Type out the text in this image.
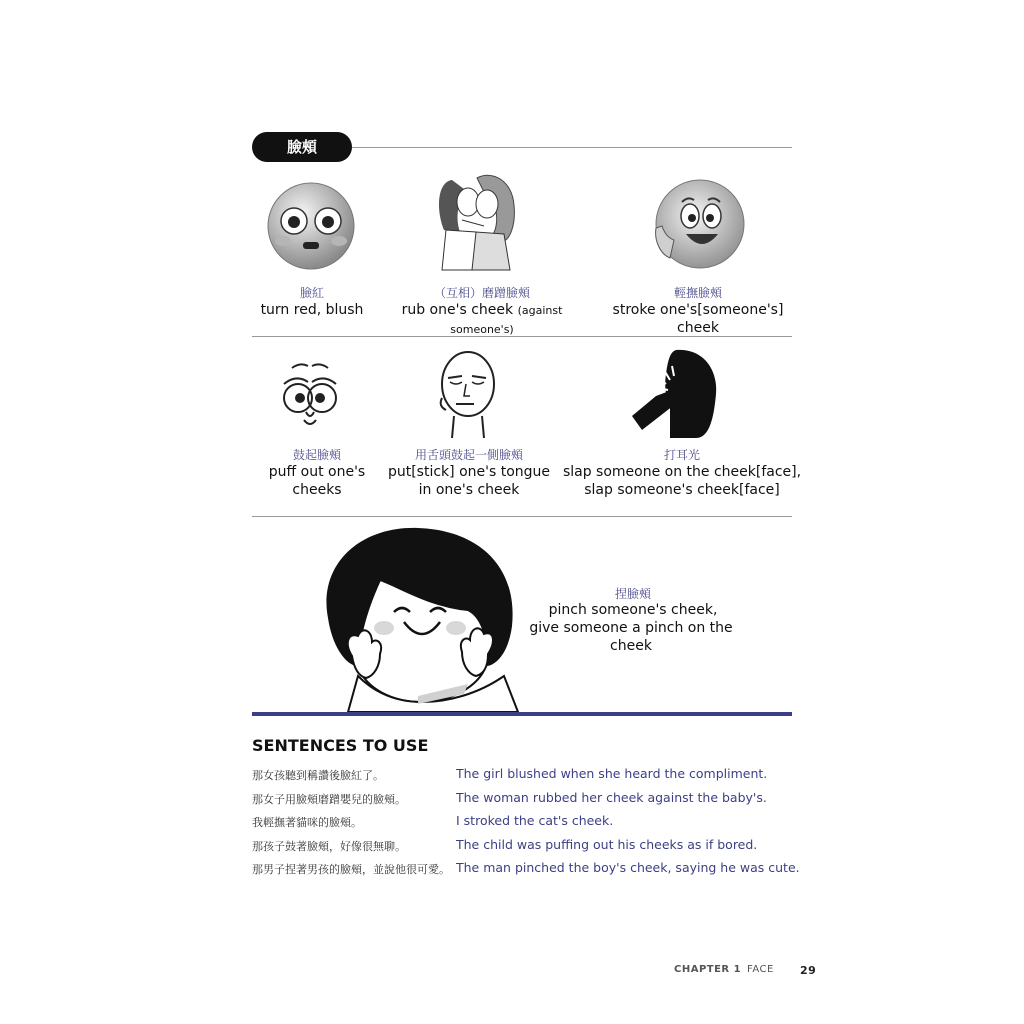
臉頰
臉紅
turn red, blush
（互相）磨蹭臉頰
rub one's cheek (against someone's)
輕撫臉頰
stroke one's[someone's] cheek
鼓起臉頰
puff out one's
cheeks
用舌頭鼓起一側臉頰
put[stick] one's tongue
in one's cheek
打耳光
slap someone on the cheek[face],
slap someone's cheek[face]
捏臉頰
pinch someone's cheek,
give someone a pinch on the cheek
SENTENCES TO USE
那女孩聽到稱讚後臉紅了。	The girl blushed when she heard the compliment.
那女子用臉頰磨蹭嬰兒的臉頰。	The woman rubbed her cheek against the baby's.
我輕撫著貓咪的臉頰。	I stroked the cat's cheek.
那孩子鼓著臉頰，好像很無聊。	The child was puffing out his cheeks as if bored.
那男子捏著男孩的臉頰，並說他很可愛。 The man pinched the boy's cheek, saying he was cute.
CHAPTER 1 FACE 29
